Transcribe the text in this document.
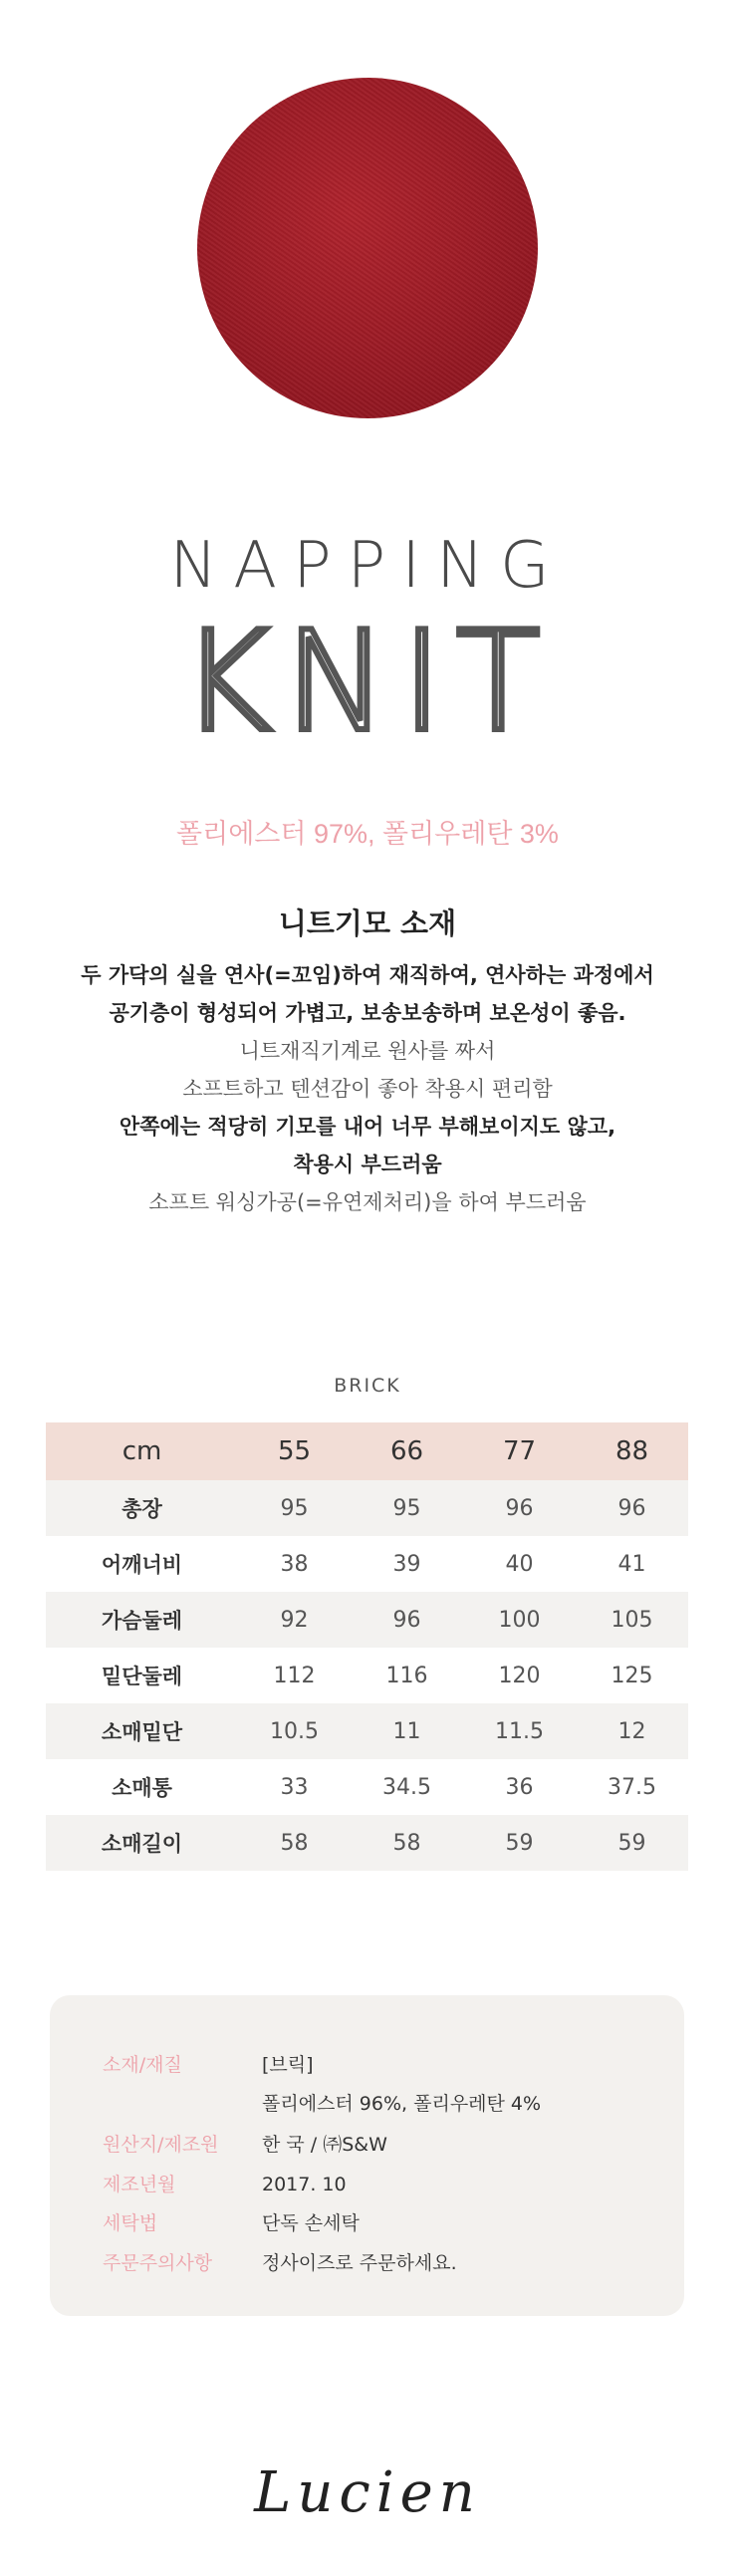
NAPPING
KNIT
폴리에스터 97%, 폴리우레탄 3%
니트기모 소재
두 가닥의 실을 연사(=꼬임)하여 재직하여, 연사하는 과정에서
공기층이 형성되어 가볍고, 보송보송하며 보온성이 좋음.
니트재직기계로 원사를 짜서
소프트하고 텐션감이 좋아 착용시 편리함
안쪽에는 적당히 기모를 내어 너무 부해보이지도 않고,
착용시 부드러움
소프트 워싱가공(=유연제처리)을 하여 부드러움
BRICK
cm	55	66	77	88
총장	95	95	96	96
어깨너비	38	39	40	41
가슴둘레	92	96	100	105
밑단둘레	112	116	120	125
소매밑단	10.5	11	11.5	12
소매통	33	34.5	36	37.5
소매길이	58	58	59	59
소재/재질	[브릭]
폴리에스터 96%, 폴리우레탄 4%
원산지/제조원	한 국 / ㈜S&W
제조년월	2017. 10
세탁법	단독 손세탁
주문주의사항	정사이즈로 주문하세요.
Lucien
